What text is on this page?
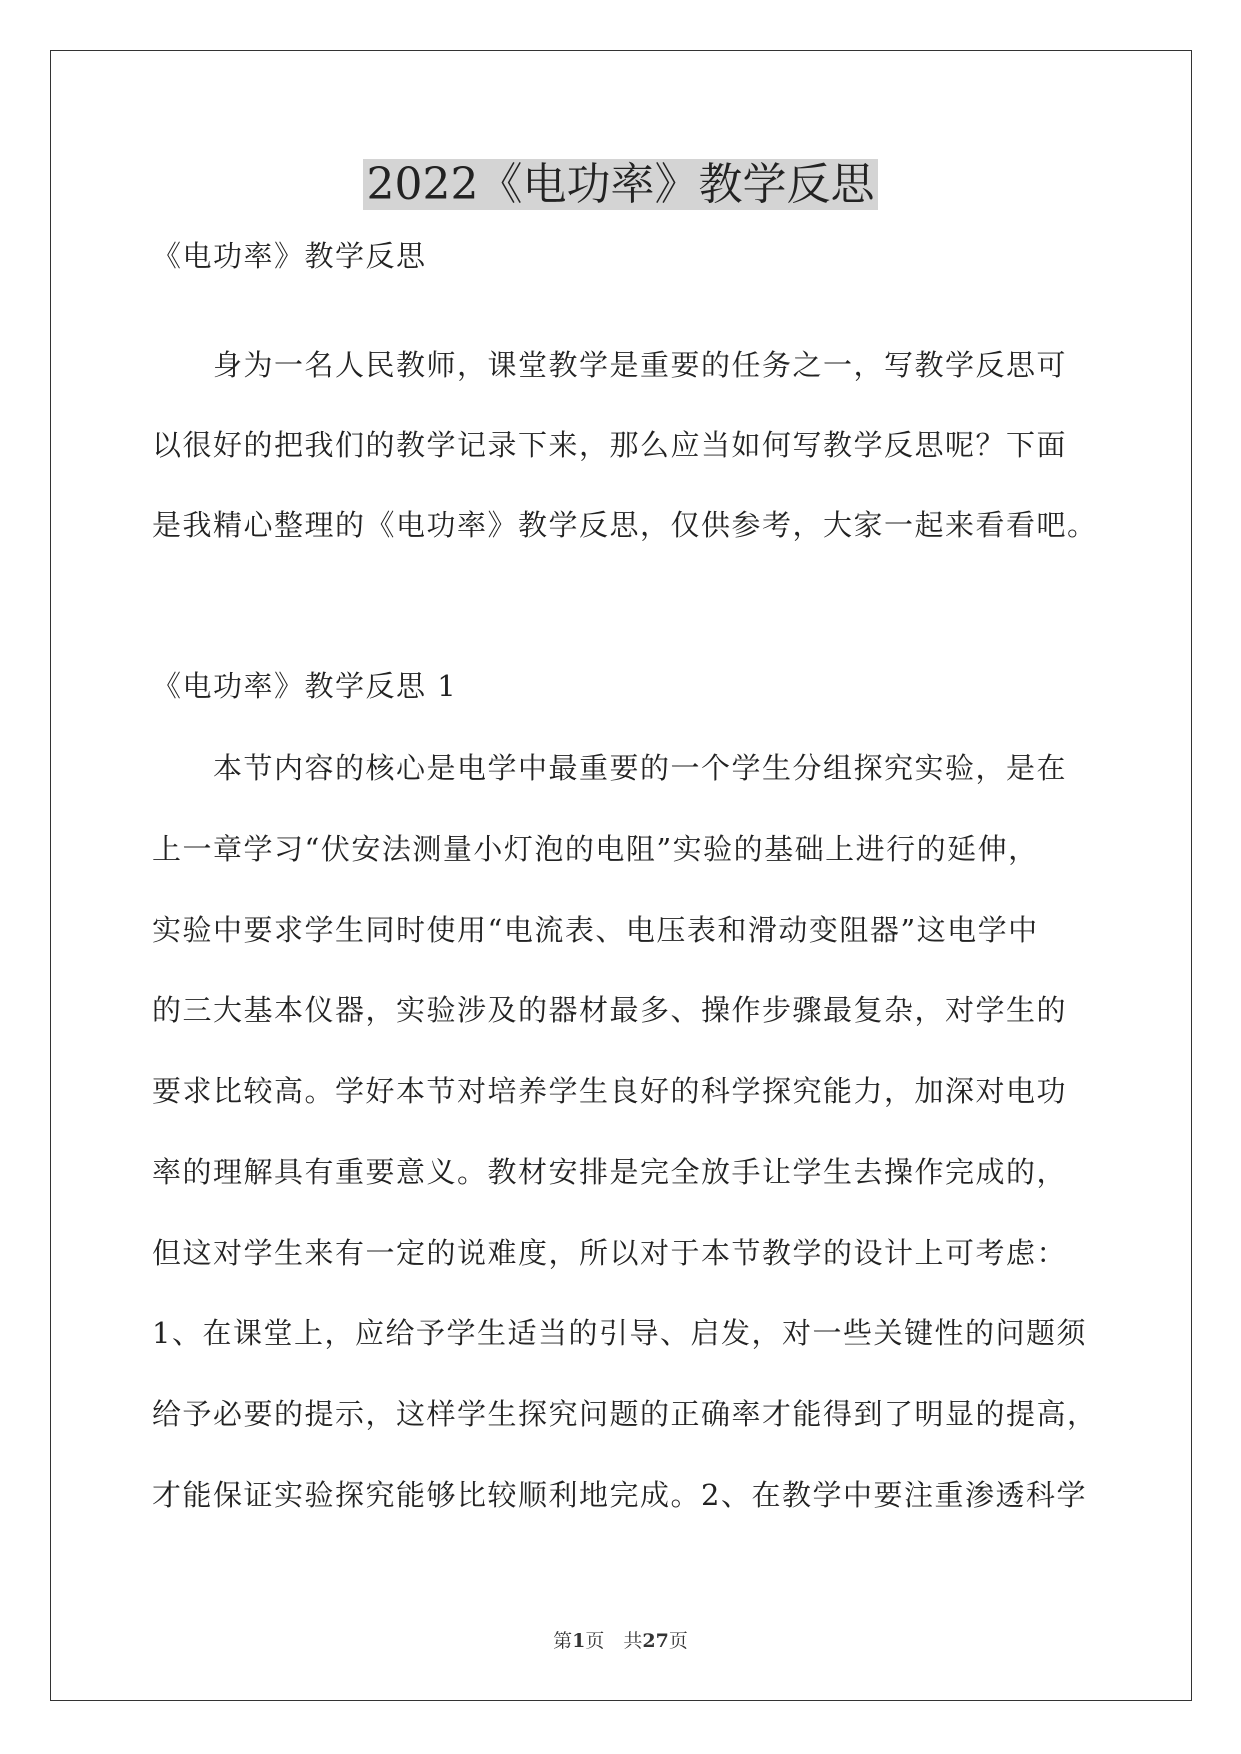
2022《电功率》教学反思
《电功率》教学反思
　　身为一名人民教师，课堂教学是重要的任务之一，写教学反思可
以很好的把我们的教学记录下来，那么应当如何写教学反思呢？下面
是我精心整理的《电功率》教学反思，仅供参考，大家一起来看看吧。
《电功率》教学反思 1
　　本节内容的核心是电学中最重要的一个学生分组探究实验，是在
上一章学习“伏安法测量小灯泡的电阻”实验的基础上进行的延伸，
实验中要求学生同时使用“电流表、电压表和滑动变阻器”这电学中
的三大基本仪器，实验涉及的器材最多、操作步骤最复杂，对学生的
要求比较高。学好本节对培养学生良好的科学探究能力，加深对电功
率的理解具有重要意义。教材安排是完全放手让学生去操作完成的，
但这对学生来有一定的说难度，所以对于本节教学的设计上可考虑：
1、在课堂上，应给予学生适当的引导、启发，对一些关键性的问题须
给予必要的提示，这样学生探究问题的正确率才能得到了明显的提高，
才能保证实验探究能够比较顺利地完成。2、在教学中要注重渗透科学
第1页　共27页
